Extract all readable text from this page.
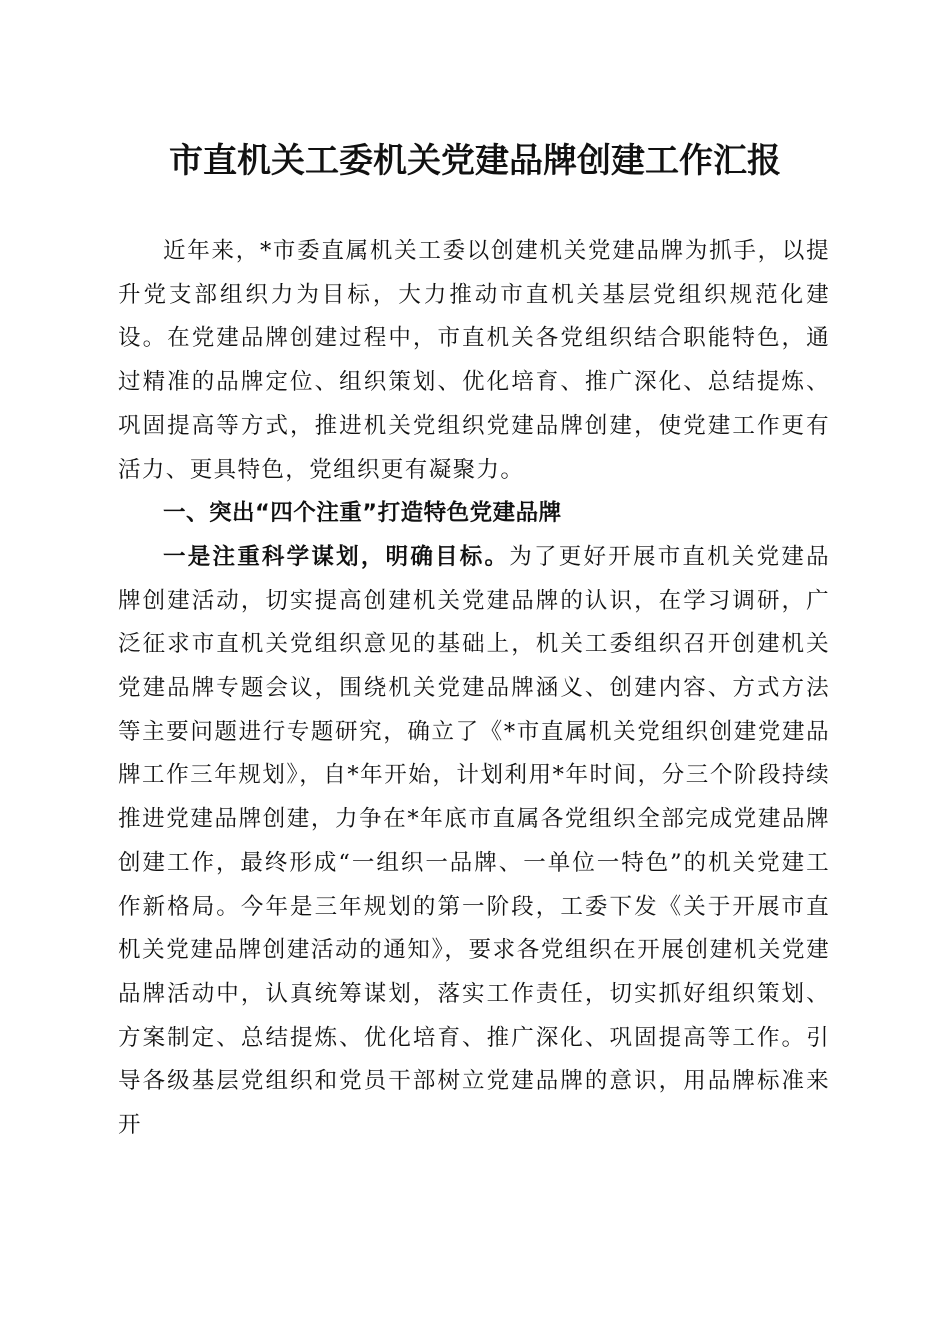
市直机关工委机关党建品牌创建工作汇报

近年来，*市委直属机关工委以创建机关党建品牌为抓手，以提升党支部组织力为目标，大力推动市直机关基层党组织规范化建设。在党建品牌创建过程中，市直机关各党组织结合职能特色，通过精准的品牌定位、组织策划、优化培育、推广深化、总结提炼、巩固提高等方式，推进机关党组织党建品牌创建，使党建工作更有活力、更具特色，党组织更有凝聚力。

一、突出“四个注重”打造特色党建品牌

一是注重科学谋划，明确目标。为了更好开展市直机关党建品牌创建活动，切实提高创建机关党建品牌的认识，在学习调研，广泛征求市直机关党组织意见的基础上，机关工委组织召开创建机关党建品牌专题会议，围绕机关党建品牌涵义、创建内容、方式方法等主要问题进行专题研究，确立了《*市直属机关党组织创建党建品牌工作三年规划》，自*年开始，计划利用*年时间，分三个阶段持续推进党建品牌创建，力争在*年底市直属各党组织全部完成党建品牌创建工作，最终形成“一组织一品牌、一单位一特色”的机关党建工作新格局。今年是三年规划的第一阶段，工委下发《关于开展市直机关党建品牌创建活动的通知》，要求各党组织在开展创建机关党建品牌活动中，认真统筹谋划，落实工作责任，切实抓好组织策划、方案制定、总结提炼、优化培育、推广深化、巩固提高等工作。引导各级基层党组织和党员干部树立党建品牌的意识，用品牌标准来开
